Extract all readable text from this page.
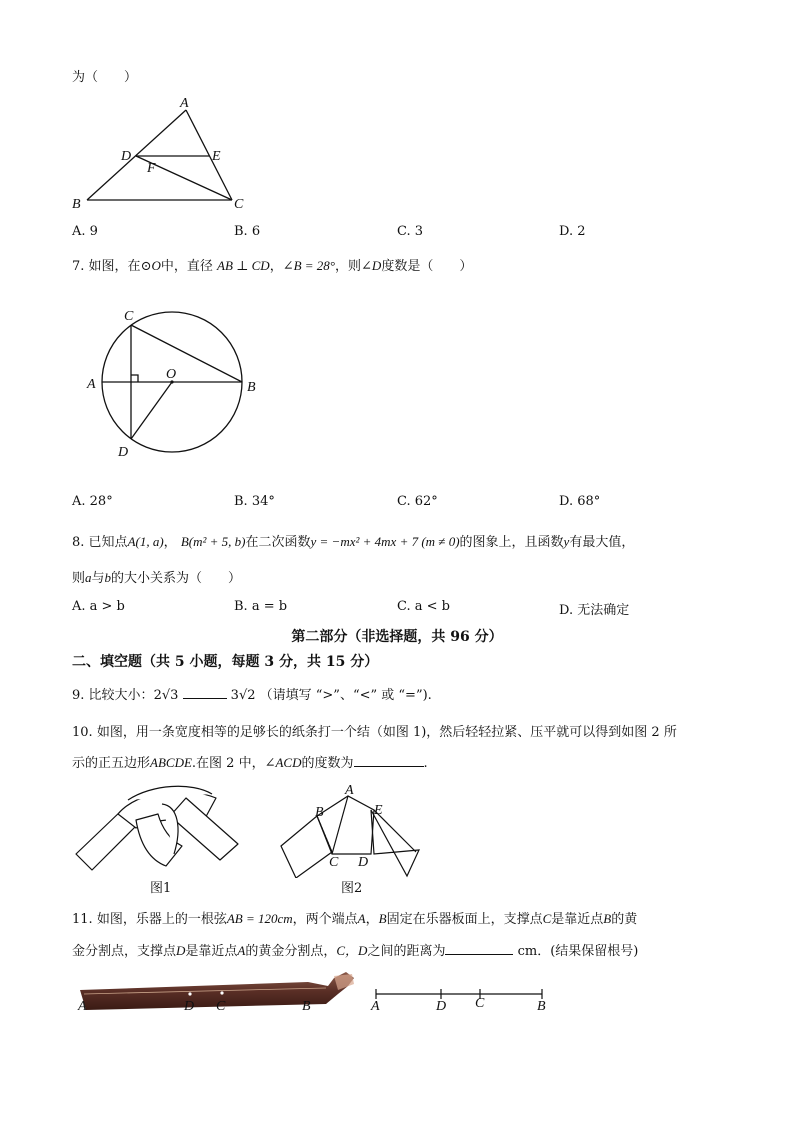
为（　　）
A
D	E
F
B	C
A. 9	B. 6	C. 3	D. 2
7. 如图，在⊙O中，直径 AB ⊥ CD，∠B = 28°，则∠D度数是（　　）
C
A
O
B
D
A. 28°	B. 34°	C. 62°	D. 68°
8. 已知点A(1, a)， B(m² + 5, b)在二次函数y = −mx² + 4mx + 7 (m ≠ 0)的图象上，且函数y有最大值，
则a与b的大小关系为（　　）
A. a > b	B. a = b	C. a < b	D. 无法确定
第二部分（非选择题，共 96 分）
二、填空题（共 5 小题，每题 3 分，共 15 分）
9. 比较大小：2√3	3√2 （请填写 “>”、“<” 或 “=”).
10. 如图，用一条宽度相等的足够长的纸条打一个结（如图 1)，然后轻轻拉紧、压平就可以得到如图 2 所
示的正五边形ABCDE.在图 2 中，∠ACD的度数为	.
图1
A
B	E
C D
图2
11. 如图，乐器上的一根弦AB = 120cm，两个端点A，B固定在乐器板面上，支撑点C是靠近点B的黄
金分割点，支撑点D是靠近点A的黄金分割点，C，D之间的距离为	cm．(结果保留根号)
A	D C	B	A	D C	B
